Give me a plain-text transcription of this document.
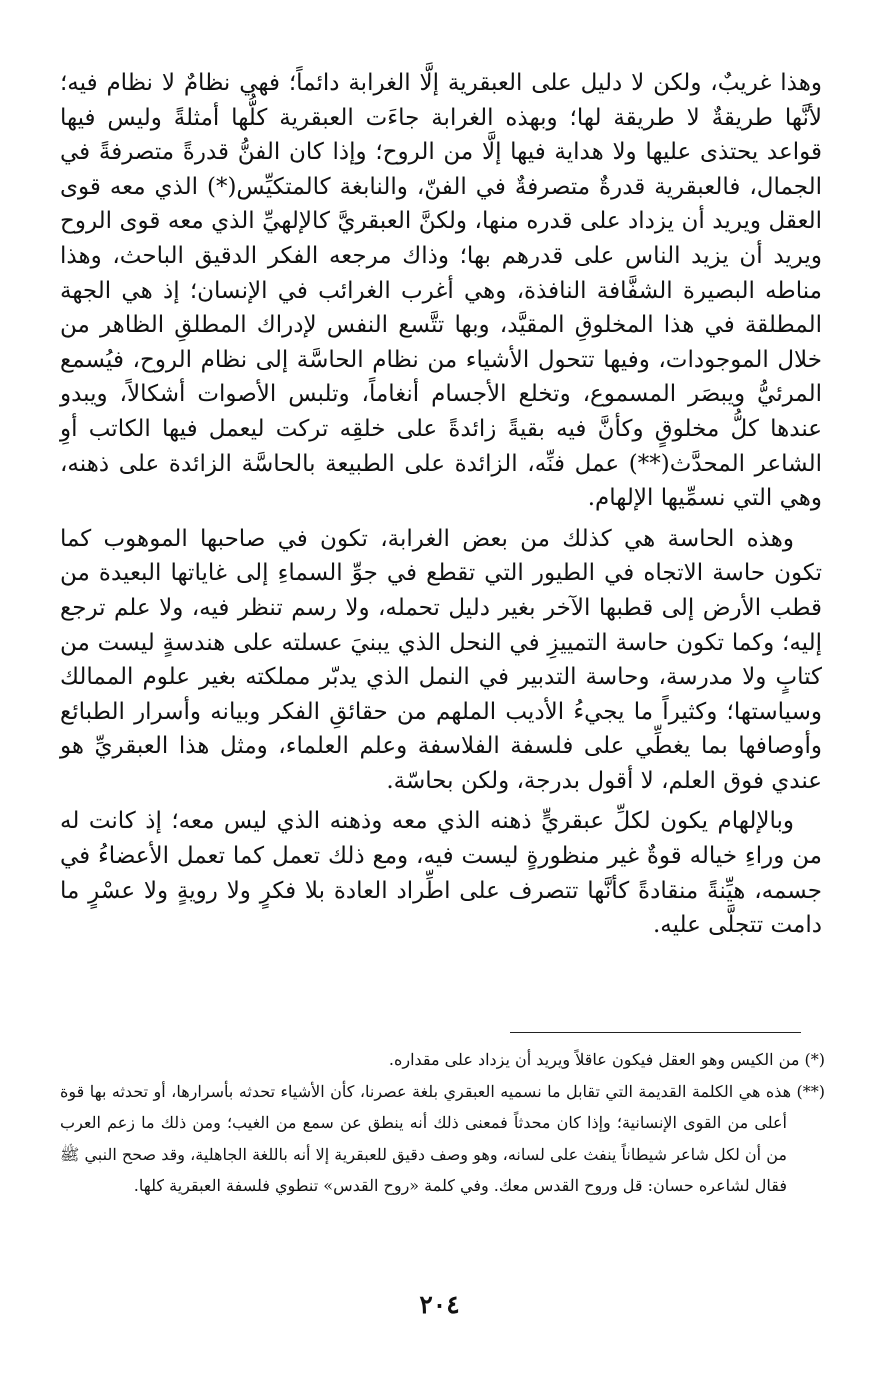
وهذا غريبٌ، ولكن لا دليل على العبقرية إلَّا الغرابة دائماً؛ فهي نظامٌ لا نظام فيه؛ لأنَّها طريقةٌ لا طريقة لها؛ وبهذه الغرابة جاءَت العبقرية كلُّها أمثلةً وليس فيها قواعد يحتذى عليها ولا هداية فيها إلَّا من الروح؛ وإذا كان الفنُّ قدرةً متصرفةً في الجمال، فالعبقرية قدرةٌ متصرفةٌ في الفنّ، والنابغة كالمتكيِّس(*) الذي معه قوى العقل ويريد أن يزداد على قدره منها، ولكنَّ العبقريَّ كالإلهيِّ الذي معه قوى الروح ويريد أن يزيد الناس على قدرهم بها؛ وذاك مرجعه الفكر الدقيق الباحث، وهذا مناطه البصيرة الشفَّافة النافذة، وهي أغرب الغرائب في الإنسان؛ إذ هي الجهة المطلقة في هذا المخلوقِ المقيَّد، وبها تتَّسع النفس لإدراك المطلقِ الظاهر من خلال الموجودات، وفيها تتحول الأشياء من نظام الحاسَّة إلى نظام الروح، فيُسمع المرئيُّ ويبصَر المسموع، وتخلع الأجسام أنغاماً، وتلبس الأصوات أشكالاً، ويبدو عندها كلُّ مخلوقٍ وكأنَّ فيه بقيةً زائدةً على خلقِه تركت ليعمل فيها الكاتب أوِ الشاعر المحدَّث(**) عمل فنِّه، الزائدة على الطبيعة بالحاسَّة الزائدة على ذهنه، وهي التي نسمِّيها الإلهام.

وهذه الحاسة هي كذلك من بعض الغرابة، تكون في صاحبها الموهوب كما تكون حاسة الاتجاه في الطيور التي تقطع في جوِّ السماءِ إلى غاياتها البعيدة من قطب الأرض إلى قطبها الآخر بغير دليل تحمله، ولا رسم تنظر فيه، ولا علم ترجع إليه؛ وكما تكون حاسة التمييزِ في النحل الذي يبنيَ عسلته على هندسةٍ ليست من كتابٍ ولا مدرسة، وحاسة التدبير في النمل الذي يدبّر مملكته بغير علوم الممالك وسياستها؛ وكثيراً ما يجيءُ الأديب الملهم من حقائقِ الفكر وبيانه وأسرار الطبائع وأوصافها بما يغطِّي على فلسفة الفلاسفة وعلم العلماء، ومثل هذا العبقريِّ هو عندي فوق العلم، لا أقول بدرجة، ولكن بحاسّة.

وبالإلهام يكون لكلِّ عبقريٍّ ذهنه الذي معه وذهنه الذي ليس معه؛ إذ كانت له من وراءِ خياله قوةٌ غير منظورةٍ ليست فيه، ومع ذلك تعمل كما تعمل الأعضاءُ في جسمه، هيِّنةً منقادةً كأنَّها تتصرف على اطِّراد العادة بلا فكرٍ ولا رويةٍ ولا عسْرٍ ما دامت تتجلَّى عليه.

(*) من الكيس وهو العقل فيكون عاقلاً ويريد أن يزداد على مقداره.

(**) هذه هي الكلمة القديمة التي تقابل ما نسميه العبقري بلغة عصرنا، كأن الأشياء تحدثه بأسرارها، أو تحدثه بها قوة أعلى من القوى الإنسانية؛ وإذا كان محدثاً فمعنى ذلك أنه ينطق عن سمع من الغيب؛ ومن ذلك ما زعم العرب من أن لكل شاعر شيطاناً ينفث على لسانه، وهو وصف دقيق للعبقرية إلا أنه باللغة الجاهلية، وقد صحح النبي ﷺ فقال لشاعره حسان: قل وروح القدس معك. وفي كلمة «روح القدس» تنطوي فلسفة العبقرية كلها.

٢٠٤
